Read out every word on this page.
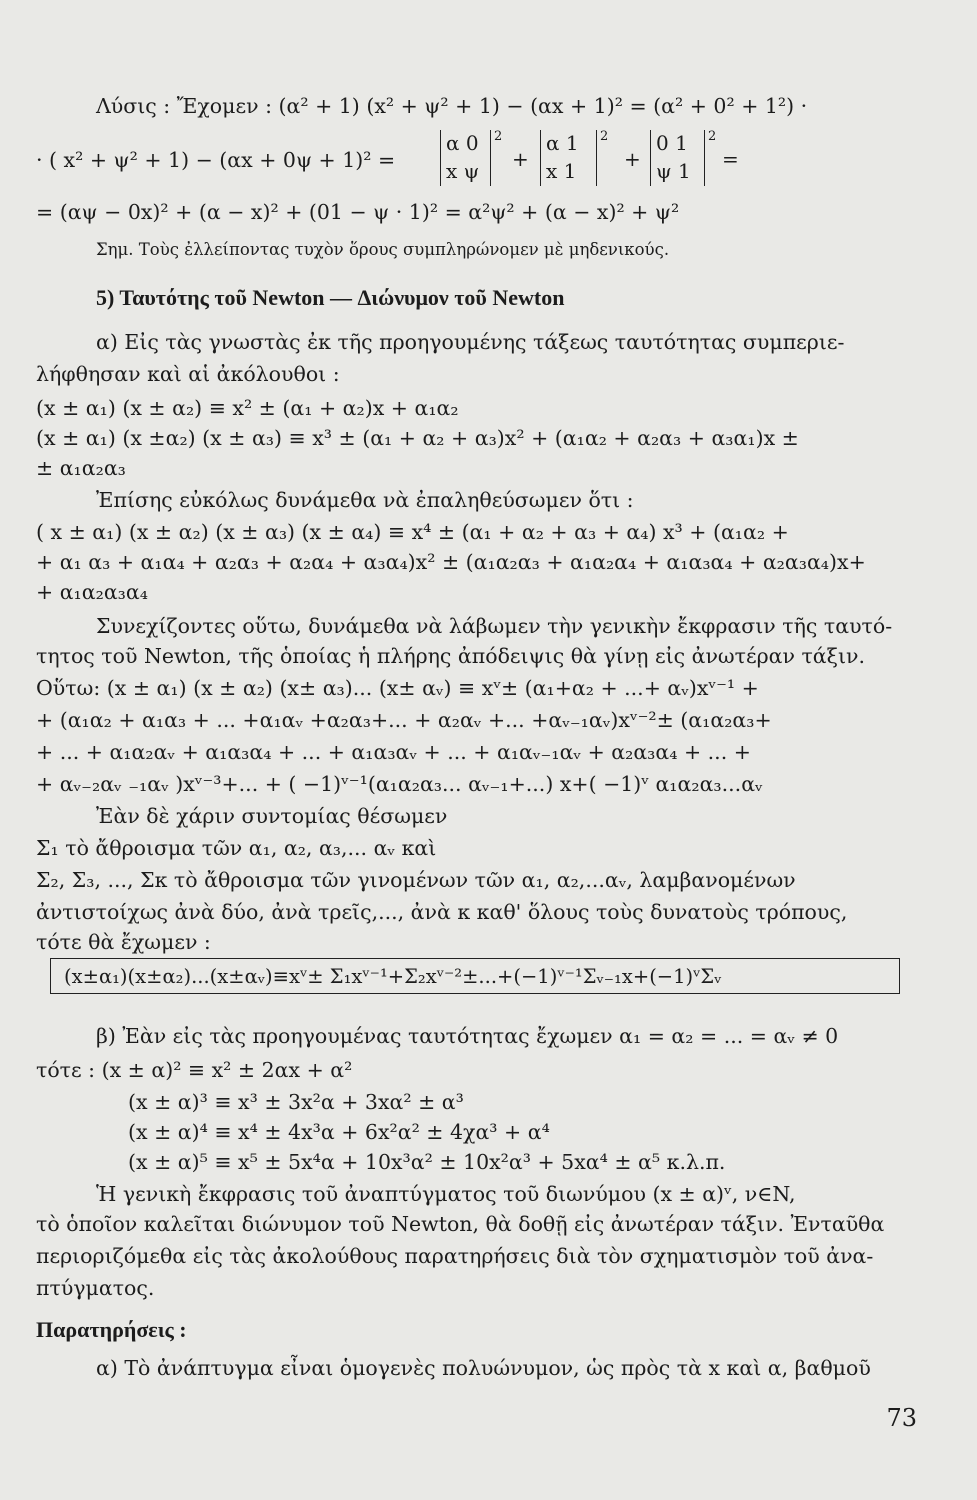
Λύσις : Ἔχομεν : (α² + 1) (x² + ψ² + 1) − (αx + 1)² = (α² + 0² + 1²) ·
· ( x² + ψ² + 1) − (αx + 0ψ + 1)² =
α 0
x ψ
2
+
α 1
x 1
2
+
0 1
ψ 1
2
=
= (αψ − 0x)² + (α − x)² + (01 − ψ · 1)² = α²ψ² + (α − x)² + ψ²
Σημ. Τοὺς ἐλλείποντας τυχὸν ὅρους συμπληρώνομεν μὲ μηδενικούς.
5) Ταυτότης τοῦ Newton — Διώνυμον τοῦ Newton
α) Εἰς τὰς γνωστὰς ἐκ τῆς προηγουμένης τάξεως ταυτότητας συμπεριε-
λήφθησαν καὶ αἱ ἀκόλουθοι :
(x ± α₁) (x ± α₂) ≡ x² ± (α₁ + α₂)x + α₁α₂
(x ± α₁) (x ±α₂) (x ± α₃) ≡ x³ ± (α₁ + α₂ + α₃)x² + (α₁α₂ + α₂α₃ + α₃α₁)x ±
± α₁α₂α₃
Ἐπίσης εὐκόλως δυνάμεθα νὰ ἐπαληθεύσωμεν ὅτι :
( x ± α₁) (x ± α₂) (x ± α₃) (x ± α₄) ≡ x⁴ ± (α₁ + α₂ + α₃ + α₄) x³ + (α₁α₂ +
+ α₁ α₃ + α₁α₄ + α₂α₃ + α₂α₄ + α₃α₄)x² ± (α₁α₂α₃ + α₁α₂α₄ + α₁α₃α₄ + α₂α₃α₄)x+
+ α₁α₂α₃α₄
Συνεχίζοντες οὕτω, δυνάμεθα νὰ λάβωμεν τὴν γενικὴν ἔκφρασιν τῆς ταυτό-
τητος τοῦ Newton, τῆς ὁποίας ἡ πλήρης ἀπόδειψις θὰ γίνῃ εἰς ἀνωτέραν τάξιν.
Οὕτω: (x ± α₁) (x ± α₂) (x± α₃)... (x± αᵥ) ≡ xᵛ± (α₁+α₂ + ...+ αᵥ)xᵛ⁻¹ +
+ (α₁α₂ + α₁α₃ + ... +α₁αᵥ +α₂α₃+... + α₂αᵥ +... +αᵥ₋₁αᵥ)xᵛ⁻²± (α₁α₂α₃+
+ ... + α₁α₂αᵥ + α₁α₃α₄ + ... + α₁α₃αᵥ + ... + α₁αᵥ₋₁αᵥ + α₂α₃α₄ + ... +
+ αᵥ₋₂αᵥ ₋₁αᵥ )xᵛ⁻³+... + ( −1)ᵛ⁻¹(α₁α₂α₃... αᵥ₋₁+...) x+( −1)ᵛ α₁α₂α₃...αᵥ
Ἐὰν δὲ χάριν συντομίας θέσωμεν
Σ₁ τὸ ἄθροισμα τῶν α₁, α₂, α₃,... αᵥ καὶ
Σ₂, Σ₃, ..., Σκ τὸ ἄθροισμα τῶν γινομένων τῶν α₁, α₂,...αᵥ, λαμβανομένων
ἀντιστοίχως ἀνὰ δύο, ἀνὰ τρεῖς,..., ἀνὰ κ καθ' ὅλους τοὺς δυνατοὺς τρόπους,
τότε θὰ ἔχωμεν :
(x±α₁)(x±α₂)...(x±αᵥ)≡xᵛ± Σ₁xᵛ⁻¹+Σ₂xᵛ⁻²±...+(−1)ᵛ⁻¹Σᵥ₋₁x+(−1)ᵛΣᵥ
β) Ἐὰν εἰς τὰς προηγουμένας ταυτότητας ἔχωμεν α₁ = α₂ = ... = αᵥ ≠ 0
τότε : (x ± α)² ≡ x² ± 2αx + α²
(x ± α)³ ≡ x³ ± 3x²α + 3xα² ± α³
(x ± α)⁴ ≡ x⁴ ± 4x³α + 6x²α² ± 4χα³ + α⁴
(x ± α)⁵ ≡ x⁵ ± 5x⁴α + 10x³α² ± 10x²α³ + 5xα⁴ ± α⁵ κ.λ.π.
Ἡ γενικὴ ἔκφρασις τοῦ ἀναπτύγματος τοῦ διωνύμου (x ± α)ᵛ, ν∈N,
τὸ ὁποῖον καλεῖται διώνυμον τοῦ Newton, θὰ δοθῇ εἰς ἀνωτέραν τάξιν. Ἐνταῦθα
περιοριζόμεθα εἰς τὰς ἀκολούθους παρατηρήσεις διὰ τὸν σχηματισμὸν τοῦ ἀνα-
πτύγματος.
Παρατηρήσεις :
α) Τὸ ἀνάπτυγμα εἶναι ὁμογενὲς πολυώνυμον, ὡς πρὸς τὰ x καὶ α, βαθμοῦ
73
